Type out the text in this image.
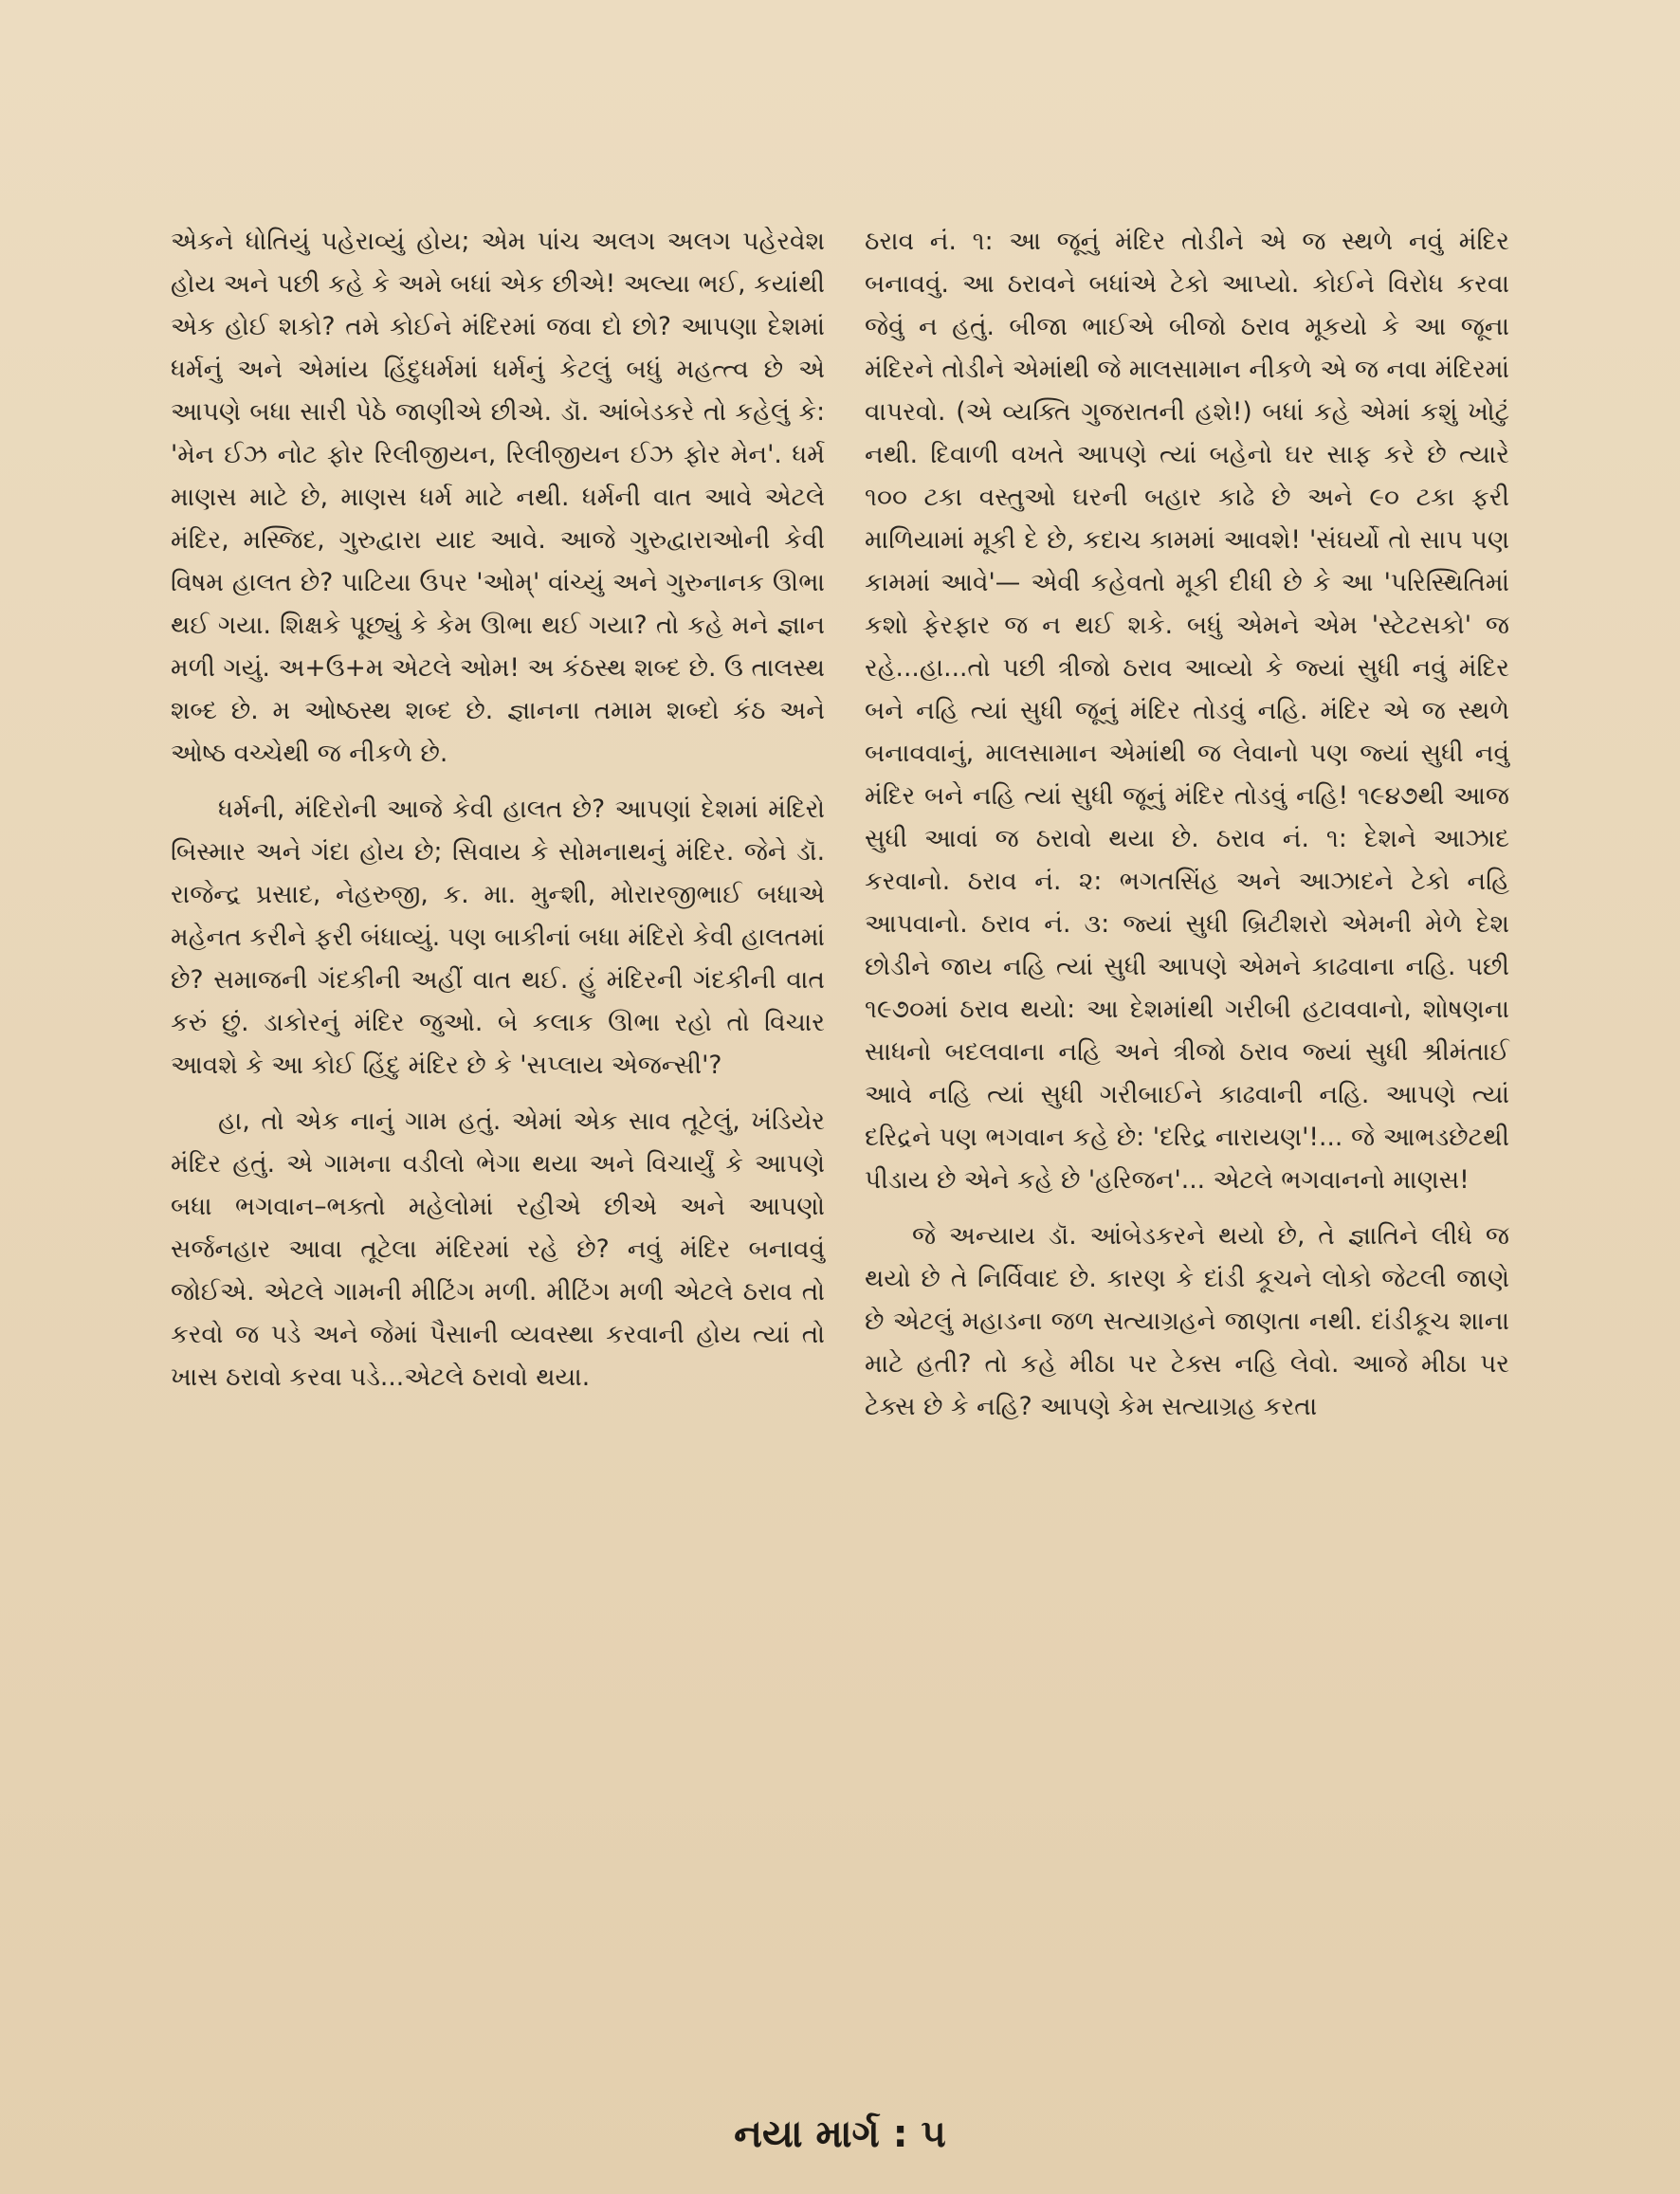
એકને ધોતિયું પહેરાવ્યું હોય; એમ પાંચ અલગ અલગ પહેરવેશ હોય અને પછી કહે કે અમે બધાં એક છીએ! અલ્યા ભઈ, કયાંથી એક હોઈ શકો? તમે કોઈને મંદિરમાં જવા દો છો? આપણા દેશમાં ધર્મનું અને એમાંય હિંદુધર્મમાં ધર્મનું કેટલું બધું મહત્ત્વ છે એ આપણે બધા સારી પેઠે જાણીએ છીએ. ડૉ. આંબેડકરે તો કહેલું કે: 'મેન ઈઝ નોટ ફોર રિલીજીયન, રિલીજીયન ઈઝ ફોર મેન'. ધર્મ માણસ માટે છે, માણસ ધર્મ માટે નથી. ધર્મની વાત આવે એટલે મંદિર, મસ્જિદ, ગુરુદ્વારા યાદ આવે. આજે ગુરુદ્વારાઓની કેવી વિષમ હાલત છે? પાટિયા ઉપર 'ઓમ્' વાંચ્યું અને ગુરુનાનક ઊભા થઈ ગયા. શિક્ષકે પૂછ્યું કે કેમ ઊભા થઈ ગયા? તો કહે મને જ્ઞાન મળી ગયું. અ+ઉ+મ એટલે ઓમ! અ કંઠસ્થ શબ્દ છે. ઉ તાલસ્થ શબ્દ છે. મ ઓષ્ઠસ્થ શબ્દ છે. જ્ઞાનના તમામ શબ્દો કંઠ અને ઓષ્ઠ વચ્ચેથી જ નીકળે છે.

ધર્મની, મંદિરોની આજે કેવી હાલત છે? આપણાં દેશમાં મંદિરો બિસ્માર અને ગંદા હોય છે; સિવાય કે સોમનાથનું મંદિર. જેને ડૉ. રાજેન્દ્ર પ્રસાદ, નેહરુજી, ક. મા. મુન્શી, મોરારજીભાઈ બધાએ મહેનત કરીને ફરી બંધાવ્યું. પણ બાકીનાં બધા મંદિરો કેવી હાલતમાં છે? સમાજની ગંદકીની અહીં વાત થઈ. હું મંદિરની ગંદકીની વાત કરું છું. ડાકોરનું મંદિર જુઓ. બે કલાક ઊભા રહો તો વિચાર આવશે કે આ કોઈ હિંદુ મંદિર છે કે 'સપ્લાય એજન્સી'?

હા, તો એક નાનું ગામ હતું. એમાં એક સાવ તૂટેલું, ખંડિયેર મંદિર હતું. એ ગામના વડીલો ભેગા થયા અને વિચાર્યું કે આપણે બધા ભગવાન–ભક્તો મહેલોમાં રહીએ છીએ અને આપણો સર્જનહાર આવા તૂટેલા મંદિરમાં રહે છે? નવું મંદિર બનાવવું જોઈએ. એટલે ગામની મીટિંગ મળી. મીટિંગ મળી એટલે ઠરાવ તો કરવો જ પડે અને જેમાં પૈસાની વ્યવસ્થા કરવાની હોય ત્યાં તો ખાસ ઠરાવો કરવા પડે...એટલે ઠરાવો થયા.

ઠરાવ નં. ૧: આ જૂનું મંદિર તોડીને એ જ સ્થળે નવું મંદિર બનાવવું. આ ઠરાવને બધાંએ ટેકો આપ્યો. કોઈને વિરોધ કરવા જેવું ન હતું. બીજા ભાઈએ બીજો ઠરાવ મૂકયો કે આ જૂના મંદિરને તોડીને એમાંથી જે માલસામાન નીકળે એ જ નવા મંદિરમાં વાપરવો. (એ વ્યક્તિ ગુજરાતની હશે!) બધાં કહે એમાં કશું ખોટું નથી. દિવાળી વખતે આપણે ત્યાં બહેનો ઘર સાફ કરે છે ત્યારે ૧૦૦ ટકા વસ્તુઓ ઘરની બહાર કાઢે છે અને ૯૦ ટકા ફરી માળિયામાં મૂકી દે છે, કદાચ કામમાં આવશે! 'સંઘર્યો તો સાપ પણ કામમાં આવે'— એવી કહેવતો મૂકી દીધી છે કે આ 'પરિસ્થિતિમાં કશો ફેરફાર જ ન થઈ શકે. બધું એમને એમ 'સ્ટેટસકો' જ રહે...હા...તો પછી ત્રીજો ઠરાવ આવ્યો કે જ્યાં સુધી નવું મંદિર બને નહિ ત્યાં સુધી જૂનું મંદિર તોડવું નહિ. મંદિર એ જ સ્થળે બનાવવાનું, માલસામાન એમાંથી જ લેવાનો પણ જ્યાં સુધી નવું મંદિર બને નહિ ત્યાં સુધી જૂનું મંદિર તોડવું નહિ! ૧૯૪૭થી આજ સુધી આવાં જ ઠરાવો થયા છે. ઠરાવ નં. ૧: દેશને આઝાદ કરવાનો. ઠરાવ નં. ૨: ભગતસિંહ અને આઝાદને ટેકો નહિ આપવાનો. ઠરાવ નં. ૩: જ્યાં સુધી બ્રિટીશરો એમની મેળે દેશ છોડીને જાય નહિ ત્યાં સુધી આપણે એમને કાઢવાના નહિ. પછી ૧૯૭૦માં ઠરાવ થયો: આ દેશમાંથી ગરીબી હટાવવાનો, શોષણના સાધનો બદલવાના નહિ અને ત્રીજો ઠરાવ જ્યાં સુધી શ્રીમંતાઈ આવે નહિ ત્યાં સુધી ગરીબાઈને કાઢવાની નહિ. આપણે ત્યાં દરિદ્રને પણ ભગવાન કહે છે: 'દરિદ્ર નારાયણ'!... જે આભડછેટથી પીડાય છે એને કહે છે 'હરિજન'... એટલે ભગવાનનો માણસ!

જે અન્યાય ડૉ. આંબેડકરને થયો છે, તે જ્ઞાતિને લીધે જ થયો છે તે નિર્વિવાદ છે. કારણ કે દાંડી કૂચને લોકો જેટલી જાણે છે એટલું મહાડના જળ સત્યાગ્રહને જાણતા નથી. દાંડીકૂચ શાના માટે હતી? તો કહે મીઠા પર ટેક્સ નહિ લેવો. આજે મીઠા પર ટેક્સ છે કે નહિ? આપણે કેમ સત્યાગ્રહ કરતા

નયા માર્ગ : ૫
